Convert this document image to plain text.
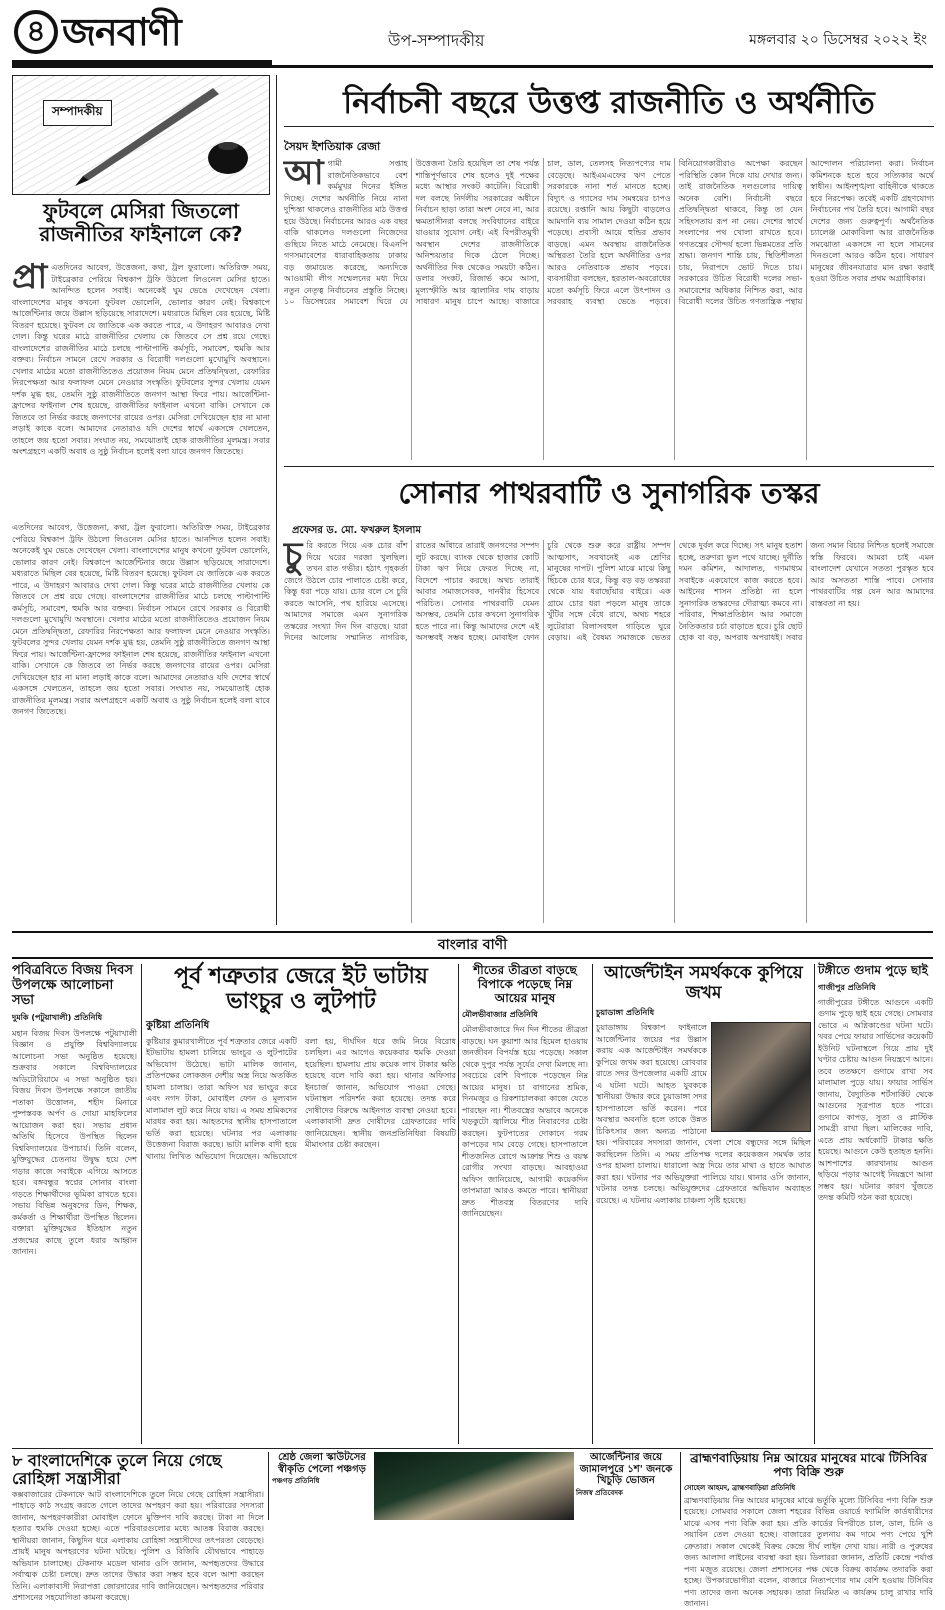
৪ জনবাণী	উপ-সম্পাদকীয়	মঙ্গলবার ২০ ডিসেম্বর ২০২২ ইং
সম্পাদকীয়
ফুটবলে মেসিরা জিতলো রাজনীতির ফাইনালে কে?
প্রা এতদিনের আবেগ, উত্তেজনা, কথা, ট্রল ফুরালো। অতিরিক্ত সময়, টাইব্রেকার পেরিয়ে বিশ্বকাপ ট্রফি উঠলো লিওনেল মেসির হাতে। আনন্দিত হলেন সবাই। অনেকেই ঘুম ভেঙে দেখেছেন খেলা। বাংলাদেশের মানুষ কখনো ফুটবল ভোলেনি, ভোলার কারণ নেই। বিশ্বকাপে আর্জেন্টিনার জয়ে উল্লাস ছড়িয়েছে সারাদেশে। মধ্যরাতে মিছিল বের হয়েছে, মিষ্টি বিতরণ হয়েছে। ফুটবল যে জাতিকে এক করতে পারে, এ উদাহরণ আবারও দেখা গেল। কিন্তু ঘরের মাঠে রাজনীতির খেলায় কে জিতবে সে প্রশ্ন রয়ে গেছে। বাংলাদেশের রাজনীতির মাঠে চলছে পাল্টাপাল্টি কর্মসূচি, সমাবেশ, হুমকি আর বক্তব্য। নির্বাচন সামনে রেখে সরকার ও বিরোধী দলগুলো মুখোমুখি অবস্থানে। খেলার মাঠের মতো রাজনীতিতেও প্রয়োজন নিয়ম মেনে প্রতিদ্বন্দ্বিতা, রেফারির নিরপেক্ষতা আর ফলাফল মেনে নেওয়ার সংস্কৃতি। ফুটবলের সুন্দর খেলায় যেমন দর্শক মুগ্ধ হয়, তেমনি সুষ্ঠু রাজনীতিতে জনগণ আস্থা ফিরে পায়। আর্জেন্টিনা-ফ্রান্সের ফাইনাল শেষ হয়েছে, রাজনীতির ফাইনাল এখনো বাকি। সেখানে কে জিতবে তা নির্ভর করছে জনগণের রায়ের ওপর। মেসিরা দেখিয়েছেন হার না মানা লড়াই কাকে বলে। আমাদের নেতারাও যদি দেশের স্বার্থে একসঙ্গে খেলতেন, তাহলে জয় হতো সবার। সংঘাত নয়, সমঝোতাই হোক রাজনীতির মূলমন্ত্র। সবার অংশগ্রহণে একটি অবাধ ও সুষ্ঠু নির্বাচন হলেই বলা যাবে জনগণ জিতেছে।
এতদিনের আবেগ, উত্তেজনা, কথা, ট্রল ফুরালো। অতিরিক্ত সময়, টাইব্রেকার পেরিয়ে বিশ্বকাপ ট্রফি উঠলো লিওনেল মেসির হাতে। আনন্দিত হলেন সবাই। অনেকেই ঘুম ভেঙে দেখেছেন খেলা। বাংলাদেশের মানুষ কখনো ফুটবল ভোলেনি, ভোলার কারণ নেই। বিশ্বকাপে আর্জেন্টিনার জয়ে উল্লাস ছড়িয়েছে সারাদেশে। মধ্যরাতে মিছিল বের হয়েছে, মিষ্টি বিতরণ হয়েছে। ফুটবল যে জাতিকে এক করতে পারে, এ উদাহরণ আবারও দেখা গেল। কিন্তু ঘরের মাঠে রাজনীতির খেলায় কে জিতবে সে প্রশ্ন রয়ে গেছে। বাংলাদেশের রাজনীতির মাঠে চলছে পাল্টাপাল্টি কর্মসূচি, সমাবেশ, হুমকি আর বক্তব্য। নির্বাচন সামনে রেখে সরকার ও বিরোধী দলগুলো মুখোমুখি অবস্থানে। খেলার মাঠের মতো রাজনীতিতেও প্রয়োজন নিয়ম মেনে প্রতিদ্বন্দ্বিতা, রেফারির নিরপেক্ষতা আর ফলাফল মেনে নেওয়ার সংস্কৃতি। ফুটবলের সুন্দর খেলায় যেমন দর্শক মুগ্ধ হয়, তেমনি সুষ্ঠু রাজনীতিতে জনগণ আস্থা ফিরে পায়। আর্জেন্টিনা-ফ্রান্সের ফাইনাল শেষ হয়েছে, রাজনীতির ফাইনাল এখনো বাকি। সেখানে কে জিতবে তা নির্ভর করছে জনগণের রায়ের ওপর। মেসিরা দেখিয়েছেন হার না মানা লড়াই কাকে বলে। আমাদের নেতারাও যদি দেশের স্বার্থে একসঙ্গে খেলতেন, তাহলে জয় হতো সবার। সংঘাত নয়, সমঝোতাই হোক রাজনীতির মূলমন্ত্র। সবার অংশগ্রহণে একটি অবাধ ও সুষ্ঠু নির্বাচন হলেই বলা যাবে জনগণ জিতেছে।
নির্বাচনী বছরে উত্তপ্ত রাজনীতি ও অর্থনীতি
সৈয়দ ইশতিয়াক রেজা
আগামী সপ্তাহ রাজনৈতিকভাবে বেশ কর্মমুখর দিনের ইঙ্গিত দিচ্ছে। দেশের অর্থনীতি নিয়ে নানা দুশ্চিন্তা থাকলেও রাজনীতির মাঠ উত্তপ্ত হয়ে উঠছে। নির্বাচনের আরও এক বছর বাকি থাকলেও দলগুলো নিজেদের গুছিয়ে নিতে মাঠে নেমেছে। বিএনপি গণসমাবেশের ধারাবাহিকতায় ঢাকায় বড় জমায়েত করেছে, অন্যদিকে আওয়ামী লীগ সম্মেলনের মধ্য দিয়ে নতুন নেতৃত্ব নির্বাচনের প্রস্তুতি নিচ্ছে। ১০ ডিসেম্বরের সমাবেশ ঘিরে যে উত্তেজনা তৈরি হয়েছিল তা শেষ পর্যন্ত শান্তিপূর্ণভাবে শেষ হলেও দুই পক্ষের মধ্যে আস্থার সংকট কাটেনি। বিরোধী দল বলছে নির্দলীয় সরকারের অধীনে নির্বাচন ছাড়া তারা অংশ নেবে না, আর ক্ষমতাসীনরা বলছে সংবিধানের বাইরে যাওয়ার সুযোগ নেই। এই বিপরীতমুখী অবস্থান দেশের রাজনীতিকে অনিশ্চয়তার দিকে ঠেলে দিচ্ছে। অর্থনীতির দিক থেকেও সময়টা কঠিন। ডলার সংকট, রিজার্ভ কমে আসা, মূল্যস্ফীতি আর জ্বালানির দাম বাড়ায় সাধারণ মানুষ চাপে আছে। বাজারে চাল, ডাল, তেলসহ নিত্যপণ্যের দাম বেড়েছে। আইএমএফের ঋণ পেতে সরকারকে নানা শর্ত মানতে হচ্ছে। বিদ্যুৎ ও গ্যাসের দাম সমন্বয়ের চাপও রয়েছে। রপ্তানি আয় কিছুটা বাড়লেও আমদানি ব্যয় সামাল দেওয়া কঠিন হয়ে পড়েছে। প্রবাসী আয়ে হুন্ডির প্রভাব বাড়ছে। এমন অবস্থায় রাজনৈতিক অস্থিরতা তৈরি হলে অর্থনীতির ওপর আরও নেতিবাচক প্রভাব পড়বে। ব্যবসায়ীরা বলছেন, হরতাল-অবরোধের মতো কর্মসূচি ফিরে এলে উৎপাদন ও সরবরাহ ব্যবস্থা ভেঙে পড়বে। বিনিয়োগকারীরাও অপেক্ষা করছেন পরিস্থিতি কোন দিকে যায় দেখার জন্য। তাই রাজনৈতিক দলগুলোর দায়িত্ব অনেক বেশি। নির্বাচনী বছরে প্রতিদ্বন্দ্বিতা থাকবে, কিন্তু তা যেন সহিংসতায় রূপ না নেয়। দেশের স্বার্থে সংলাপের পথ খোলা রাখতে হবে। গণতন্ত্রের সৌন্দর্য হলো ভিন্নমতের প্রতি শ্রদ্ধা। জনগণ শান্তি চায়, স্থিতিশীলতা চায়, নিরাপদে ভোট দিতে চায়। সরকারের উচিত বিরোধী দলের সভা-সমাবেশের অধিকার নিশ্চিত করা, আর বিরোধী দলের উচিত গণতান্ত্রিক পন্থায় আন্দোলন পরিচালনা করা। নির্বাচন কমিশনকে হতে হবে সত্যিকার অর্থে স্বাধীন। আইনশৃঙ্খলা বাহিনীকে থাকতে হবে নিরপেক্ষ। তবেই একটি গ্রহণযোগ্য নির্বাচনের পথ তৈরি হবে। আগামী বছর দেশের জন্য গুরুত্বপূর্ণ। অর্থনৈতিক চ্যালেঞ্জ মোকাবিলা আর রাজনৈতিক সমঝোতা একসঙ্গে না হলে সামনের দিনগুলো আরও কঠিন হবে। সাধারণ মানুষের জীবনযাত্রার মান রক্ষা করাই হওয়া উচিত সবার প্রথম অগ্রাধিকার।
সোনার পাথরবাটি ও সুনাগরিক তস্কর
প্রফেসর ড. মো. ফখরুল ইসলাম
চুরি করতে গিয়ে এক চোর বাঁশ দিয়ে ঘরের দরজা খুলছিল। তখন রাত গভীর। হঠাৎ গৃহকর্তা জেগে উঠলে চোর পালাতে চেষ্টা করে, কিন্তু ধরা পড়ে যায়। চোর বলে সে চুরি করতে আসেনি, পথ হারিয়ে এসেছে। আমাদের সমাজে এমন সুনাগরিক তস্করের সংখ্যা দিন দিন বাড়ছে। যারা দিনের আলোয় সম্মানিত নাগরিক, রাতের আঁধারে তারাই জনগণের সম্পদ লুট করছে। ব্যাংক থেকে হাজার কোটি টাকা ঋণ নিয়ে ফেরত দিচ্ছে না, বিদেশে পাচার করছে। অথচ তারাই আবার সমাজসেবক, দানবীর হিসেবে পরিচিত। সোনার পাথরবাটি যেমন অসম্ভব, তেমনি চোর কখনো সুনাগরিক হতে পারে না। কিন্তু আমাদের দেশে এই অসম্ভবই সম্ভব হচ্ছে। মোবাইল ফোন চুরি থেকে শুরু করে রাষ্ট্রীয় সম্পদ আত্মসাৎ, সবখানেই এক শ্রেণির মানুষের দাপট। পুলিশ মাঝে মাঝে কিছু ছিঁচকে চোর ধরে, কিন্তু বড় বড় তস্কররা থেকে যায় ধরাছোঁয়ার বাইরে। এক গ্রামে চোর ধরা পড়লে মানুষ তাকে খুঁটির সঙ্গে বেঁধে রাখে, অথচ শহরে লুটেরারা বিলাসবহুল গাড়িতে ঘুরে বেড়ায়। এই বৈষম্য সমাজকে ভেতর থেকে দুর্বল করে দিচ্ছে। সৎ মানুষ হতাশ হচ্ছে, তরুণরা ভুল পথে যাচ্ছে। দুর্নীতি দমন কমিশন, আদালত, গণমাধ্যম সবাইকে একযোগে কাজ করতে হবে। আইনের শাসন প্রতিষ্ঠা না হলে সুনাগরিক তস্করদের দৌরাত্ম্য কমবে না। পরিবার, শিক্ষাপ্রতিষ্ঠান আর সমাজে নৈতিকতার চর্চা বাড়াতে হবে। চুরি ছোট হোক বা বড়, অপরাধ অপরাধই। সবার জন্য সমান বিচার নিশ্চিত হলেই সমাজে স্বস্তি ফিরবে। আমরা চাই এমন বাংলাদেশ যেখানে সততা পুরস্কৃত হবে আর অসততা শাস্তি পাবে। সোনার পাথরবাটির গল্প যেন আর আমাদের বাস্তবতা না হয়।
বাংলার বাণী
পবিত্রবিতে বিজয় দিবস উপলক্ষে আলোচনা সভা
দুমকি (পটুয়াখালী) প্রতিনিধি
মহান বিজয় দিবস উপলক্ষে পটুয়াখালী বিজ্ঞান ও প্রযুক্তি বিশ্ববিদ্যালয়ে আলোচনা সভা অনুষ্ঠিত হয়েছে। শুক্রবার সকালে বিশ্ববিদ্যালয়ের অডিটোরিয়ামে এ সভা অনুষ্ঠিত হয়। বিজয় দিবস উপলক্ষে সকালে জাতীয় পতাকা উত্তোলন, শহীদ মিনারে পুষ্পস্তবক অর্পণ ও দোয়া মাহফিলের আয়োজন করা হয়। সভায় প্রধান অতিথি হিসেবে উপস্থিত ছিলেন বিশ্ববিদ্যালয়ের উপাচার্য। তিনি বলেন, মুক্তিযুদ্ধের চেতনায় উদ্বুদ্ধ হয়ে দেশ গড়ার কাজে সবাইকে এগিয়ে আসতে হবে। বঙ্গবন্ধুর স্বপ্নের সোনার বাংলা গড়তে শিক্ষার্থীদের ভূমিকা রাখতে হবে। সভায় বিভিন্ন অনুষদের ডিন, শিক্ষক, কর্মকর্তা ও শিক্ষার্থীরা উপস্থিত ছিলেন। বক্তারা মুক্তিযুদ্ধের ইতিহাস নতুন প্রজন্মের কাছে তুলে ধরার আহ্বান জানান।
পূর্ব শত্রুতার জেরে ইট ভাটায় ভাংচুর ও লুটপাট
কুষ্টিয়া প্রতিনিধি
কুষ্টিয়ার কুমারখালীতে পূর্ব শত্রুতার জেরে একটি ইটভাটায় হামলা চালিয়ে ভাংচুর ও লুটপাটের অভিযোগ উঠেছে। ভাটা মালিক জানান, প্রতিপক্ষের লোকজন দেশীয় অস্ত্র নিয়ে অতর্কিত হামলা চালায়। তারা অফিস ঘর ভাংচুর করে এবং নগদ টাকা, মোবাইল ফোন ও মূল্যবান মালামাল লুট করে নিয়ে যায়। এ সময় শ্রমিকদের মারধর করা হয়। আহতদের স্থানীয় হাসপাতালে ভর্তি করা হয়েছে। ঘটনার পর এলাকায় উত্তেজনা বিরাজ করছে। ভাটা মালিক বাদী হয়ে থানায় লিখিত অভিযোগ দিয়েছেন। অভিযোগে বলা হয়, দীর্ঘদিন ধরে জমি নিয়ে বিরোধ চলছিল। এর আগেও কয়েকবার হুমকি দেওয়া হয়েছিল। হামলায় প্রায় কয়েক লাখ টাকার ক্ষতি হয়েছে বলে দাবি করা হয়। থানার অফিসার ইনচার্জ জানান, অভিযোগ পাওয়া গেছে। ঘটনাস্থল পরিদর্শন করা হয়েছে। তদন্ত করে দোষীদের বিরুদ্ধে আইনগত ব্যবস্থা নেওয়া হবে। এলাকাবাসী দ্রুত দোষীদের গ্রেফতারের দাবি জানিয়েছেন। স্থানীয় জনপ্রতিনিধিরা বিষয়টি মীমাংসার চেষ্টা করছেন।
শীতের তীব্রতা বাড়ছে বিপাকে পড়েছে নিম্ন আয়ের মানুষ
মৌলভীবাজার প্রতিনিধি
মৌলভীবাজারে দিন দিন শীতের তীব্রতা বাড়ছে। ঘন কুয়াশা আর হিমেল হাওয়ায় জনজীবন বিপর্যস্ত হয়ে পড়েছে। সকাল থেকে দুপুর পর্যন্ত সূর্যের দেখা মিলছে না। সবচেয়ে বেশি বিপাকে পড়েছেন নিম্ন আয়ের মানুষ। চা বাগানের শ্রমিক, দিনমজুর ও রিকশাচালকরা কাজে যেতে পারছেন না। শীতবস্ত্রের অভাবে অনেকে খড়কুটো জ্বালিয়ে শীত নিবারণের চেষ্টা করছেন। ফুটপাতের দোকানে গরম কাপড়ের দাম বেড়ে গেছে। হাসপাতালে শীতজনিত রোগে আক্রান্ত শিশু ও বয়স্ক রোগীর সংখ্যা বাড়ছে। আবহাওয়া অফিস জানিয়েছে, আগামী কয়েকদিন তাপমাত্রা আরও কমতে পারে। স্থানীয়রা দ্রুত শীতবস্ত্র বিতরণের দাবি জানিয়েছেন।
আর্জেন্টাইন সমর্থককে কুপিয়ে জখম
চুয়াডাঙ্গা প্রতিনিধি
চুয়াডাঙ্গায় বিশ্বকাপ ফাইনালে আর্জেন্টিনার জয়ের পর উল্লাস করায় এক আর্জেন্টাইন সমর্থককে কুপিয়ে জখম করা হয়েছে। রোববার রাতে সদর উপজেলার একটি গ্রামে এ ঘটনা ঘটে। আহত যুবককে স্থানীয়রা উদ্ধার করে চুয়াডাঙ্গা সদর হাসপাতালে ভর্তি করেন। পরে অবস্থার অবনতি হলে তাকে উন্নত চিকিৎসার জন্য অন্যত্র পাঠানো হয়। পরিবারের সদস্যরা জানান, খেলা শেষে বন্ধুদের সঙ্গে মিছিল করছিলেন তিনি। এ সময় প্রতিপক্ষ দলের কয়েকজন সমর্থক তার ওপর হামলা চালায়। ধারালো অস্ত্র দিয়ে তার মাথা ও হাতে আঘাত করা হয়। ঘটনার পর অভিযুক্তরা পালিয়ে যায়। থানার ওসি জানান, ঘটনার তদন্ত চলছে। অভিযুক্তদের গ্রেফতারে অভিযান অব্যাহত রয়েছে। এ ঘটনায় এলাকায় চাঞ্চল্য সৃষ্টি হয়েছে।
টঙ্গীতে গুদাম পুড়ে ছাই
গাজীপুর প্রতিনিধি
গাজীপুরের টঙ্গীতে আগুনে একটি গুদাম পুড়ে ছাই হয়ে গেছে। সোমবার ভোরে এ অগ্নিকাণ্ডের ঘটনা ঘটে। খবর পেয়ে ফায়ার সার্ভিসের কয়েকটি ইউনিট ঘটনাস্থলে গিয়ে প্রায় দুই ঘণ্টার চেষ্টায় আগুন নিয়ন্ত্রণে আনে। তবে ততক্ষণে গুদামে রাখা সব মালামাল পুড়ে যায়। ফায়ার সার্ভিস জানায়, বৈদ্যুতিক শর্টসার্কিট থেকে আগুনের সূত্রপাত হতে পারে। গুদামে কাপড়, সুতা ও প্লাস্টিক সামগ্রী রাখা ছিল। মালিকের দাবি, এতে প্রায় অর্ধকোটি টাকার ক্ষতি হয়েছে। আগুনে কেউ হতাহত হননি। আশপাশের কারখানায় আগুন ছড়িয়ে পড়ার আগেই নিয়ন্ত্রণে আনা সম্ভব হয়। ঘটনার কারণ খুঁজতে তদন্ত কমিটি গঠন করা হয়েছে।
৮ বাংলাদেশিকে তুলে নিয়ে গেছে রোহিঙ্গা সন্ত্রাসীরা
কক্সবাজারের টেকনাফে আট বাংলাদেশিকে তুলে নিয়ে গেছে রোহিঙ্গা সন্ত্রাসীরা। পাহাড়ে কাঠ সংগ্রহ করতে গেলে তাদের অপহরণ করা হয়। পরিবারের সদস্যরা জানান, অপহরণকারীরা মোবাইল ফোনে মুক্তিপণ দাবি করছে। টাকা না দিলে হত্যার হুমকি দেওয়া হচ্ছে। এতে পরিবারগুলোর মধ্যে আতঙ্ক বিরাজ করছে। স্থানীয়রা জানান, কিছুদিন ধরে এলাকায় রোহিঙ্গা সন্ত্রাসীদের তৎপরতা বেড়েছে। প্রায়ই মানুষ অপহরণের ঘটনা ঘটছে। পুলিশ ও বিজিবি যৌথভাবে পাহাড়ে অভিযান চালাচ্ছে। টেকনাফ মডেল থানার ওসি জানান, অপহৃতদের উদ্ধারে সর্বাত্মক চেষ্টা চলছে। দ্রুত তাদের উদ্ধার করা সম্ভব হবে বলে আশা করছেন তিনি। এলাকাবাসী নিরাপত্তা জোরদারের দাবি জানিয়েছেন। অপহৃতদের পরিবার প্রশাসনের সহযোগিতা কামনা করেছে।
শ্রেষ্ঠ জেলা স্কাউটসের স্বীকৃতি পেলো পঞ্চগড়
পঞ্চগড় প্রতিনিধি
আর্জেন্টিনার জয়ে জামালপুরে ১শ' জনকে খিচুড়ি ভোজন
নিজস্ব প্রতিবেদক
ব্রাহ্মণবাড়িয়ায় নিম্ন আয়ের মানুষের মাঝে টিসিবির পণ্য বিক্রি শুরু
সোহেল আহমদ, ব্রাহ্মণবাড়িয়া প্রতিনিধি
ব্রাহ্মণবাড়িয়ায় নিম্ন আয়ের মানুষের মাঝে ভর্তুকি মূল্যে টিসিবির পণ্য বিক্রি শুরু হয়েছে। সোমবার সকালে জেলা শহরের বিভিন্ন ওয়ার্ডে ফ্যামিলি কার্ডধারীদের মাঝে এসব পণ্য বিক্রি করা হয়। প্রতি কার্ডের বিপরীতে চাল, ডাল, চিনি ও সয়াবিন তেল দেওয়া হচ্ছে। বাজারের তুলনায় কম দামে পণ্য পেয়ে খুশি ক্রেতারা। সকাল থেকেই বিক্রয় কেন্দ্রে দীর্ঘ লাইন দেখা যায়। নারী ও পুরুষের জন্য আলাদা লাইনের ব্যবস্থা করা হয়। ডিলাররা জানান, প্রতিটি কেন্দ্রে পর্যাপ্ত পণ্য মজুত রয়েছে। জেলা প্রশাসনের পক্ষ থেকে বিক্রয় কার্যক্রম তদারকি করা হচ্ছে। উপকারভোগীরা বলেন, বাজারে নিত্যপণ্যের দাম বেশি হওয়ায় টিসিবির পণ্য তাদের জন্য অনেক সহায়ক। তারা নিয়মিত এ কার্যক্রম চালু রাখার দাবি জানান।
